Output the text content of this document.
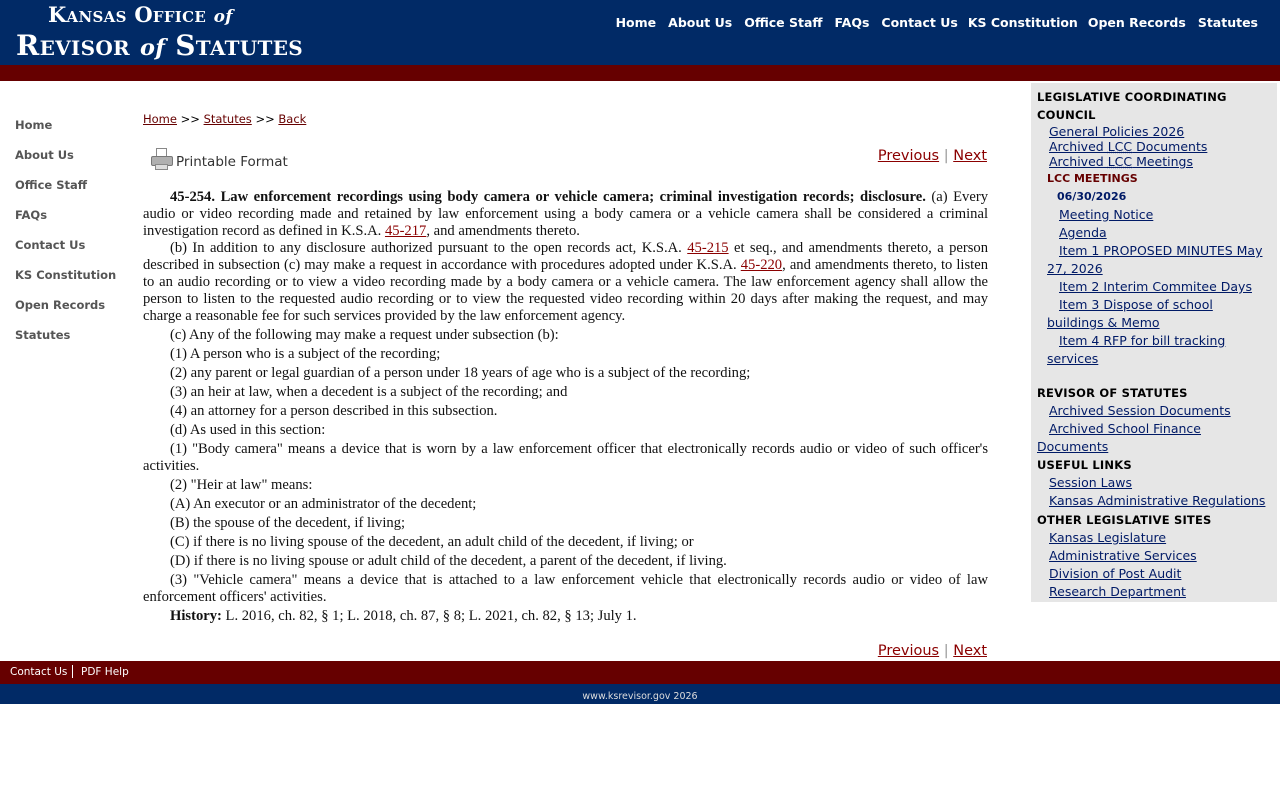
Kansas Office of
Revisor of Statutes
Home About Us Office Staff FAQs Contact Us KS Constitution Open Records Statutes
Home
About Us
Office Staff
FAQs
Contact Us
KS Constitution
Open Records
Statutes
Home >> Statutes >> Back
Printable Format	Previous | Next

45-254. Law enforcement recordings using body camera or vehicle camera; criminal investigation records; disclosure. (a) Every audio or video recording made and retained by law enforcement using a body camera or a vehicle camera shall be considered a criminal investigation record as defined in K.S.A. 45-217, and amendments thereto.

(b) In addition to any disclosure authorized pursuant to the open records act, K.S.A. 45-215 et seq., and amendments thereto, a person described in subsection (c) may make a request in accordance with procedures adopted under K.S.A. 45-220, and amendments thereto, to listen to an audio recording or to view a video recording made by a body camera or a vehicle camera. The law enforcement agency shall allow the person to listen to the requested audio recording or to view the requested video recording within 20 days after making the request, and may charge a reasonable fee for such services provided by the law enforcement agency.

(c) Any of the following may make a request under subsection (b):

(1) A person who is a subject of the recording;

(2) any parent or legal guardian of a person under 18 years of age who is a subject of the recording;

(3) an heir at law, when a decedent is a subject of the recording; and

(4) an attorney for a person described in this subsection.

(d) As used in this section:

(1) "Body camera" means a device that is worn by a law enforcement officer that electronically records audio or video of such officer's activities.

(2) "Heir at law" means:

(A) An executor or an administrator of the decedent;

(B) the spouse of the decedent, if living;

(C) if there is no living spouse of the decedent, an adult child of the decedent, if living; or

(D) if there is no living spouse or adult child of the decedent, a parent of the decedent, if living.

(3) "Vehicle camera" means a device that is attached to a law enforcement vehicle that electronically records audio or video of law enforcement officers' activities.

History: L. 2016, ch. 82, § 1; L. 2018, ch. 87, § 8; L. 2021, ch. 82, § 13; July 1.

Previous | Next
LEGISLATIVE COORDINATING COUNCIL
General Policies 2026
Archived LCC Documents
Archived LCC Meetings
LCC MEETINGS
06/30/2026
Meeting Notice
Agenda
Item 1 PROPOSED MINUTES May 27, 2026
Item 2 Interim Commitee Days
Item 3 Dispose of school buildings & Memo
Item 4 RFP for bill tracking services
REVISOR OF STATUTES
Archived Session Documents
Archived School Finance Documents
USEFUL LINKS
Session Laws
Kansas Administrative Regulations
OTHER LEGISLATIVE SITES
Kansas Legislature
Administrative Services
Division of Post Audit
Research Department
Contact Us PDF Help
www.ksrevisor.gov 2026
